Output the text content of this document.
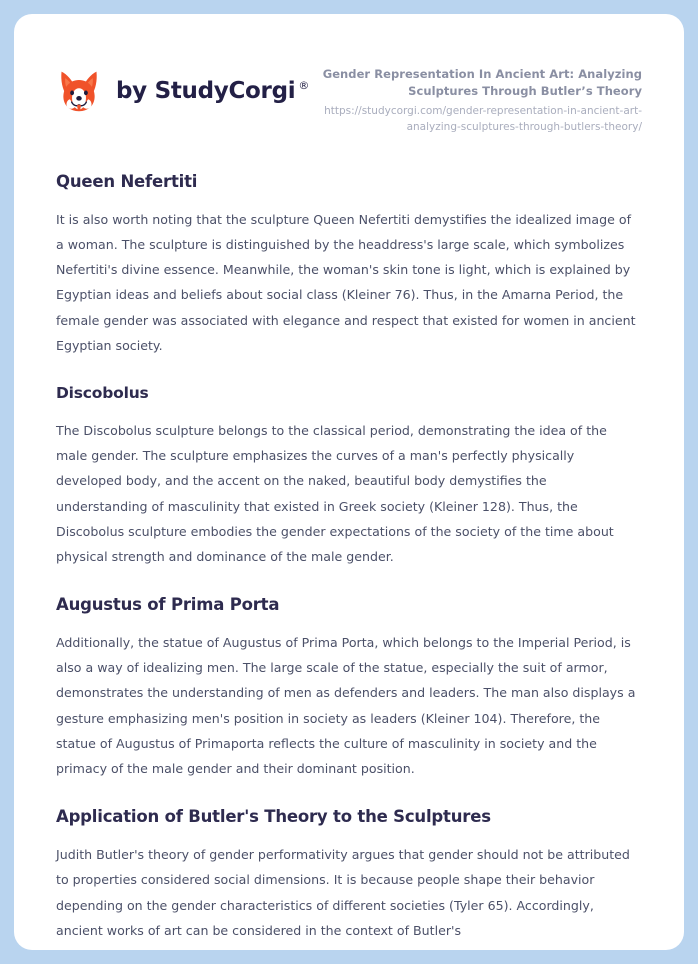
by StudyCorgi ®
Gender Representation In Ancient Art: Analyzing Sculptures Through Butler’s Theory
https://studycorgi.com/gender-representation-in-ancient-art-analyzing-sculptures-through-butlers-theory/
Queen Nefertiti

It is also worth noting that the sculpture Queen Nefertiti demystifies the idealized image of a woman. The sculpture is distinguished by the headdress's large scale, which symbolizes Nefertiti's divine essence. Meanwhile, the woman's skin tone is light, which is explained by Egyptian ideas and beliefs about social class (Kleiner 76). Thus, in the Amarna Period, the female gender was associated with elegance and respect that existed for women in ancient Egyptian society.

Discobolus

The Discobolus sculpture belongs to the classical period, demonstrating the idea of the male gender. The sculpture emphasizes the curves of a man's perfectly physically developed body, and the accent on the naked, beautiful body demystifies the understanding of masculinity that existed in Greek society (Kleiner 128). Thus, the Discobolus sculpture embodies the gender expectations of the society of the time about physical strength and dominance of the male gender.

Augustus of Prima Porta

Additionally, the statue of Augustus of Prima Porta, which belongs to the Imperial Period, is also a way of idealizing men. The large scale of the statue, especially the suit of armor, demonstrates the understanding of men as defenders and leaders. The man also displays a gesture emphasizing men's position in society as leaders (Kleiner 104). Therefore, the statue of Augustus of Primaporta reflects the culture of masculinity in society and the primacy of the male gender and their dominant position.

Application of Butler's Theory to the Sculptures

Judith Butler's theory of gender performativity argues that gender should not be attributed to properties considered social dimensions. It is because people shape their behavior depending on the gender characteristics of different societies (Tyler 65). Accordingly, ancient works of art can be considered in the context of Butler's
